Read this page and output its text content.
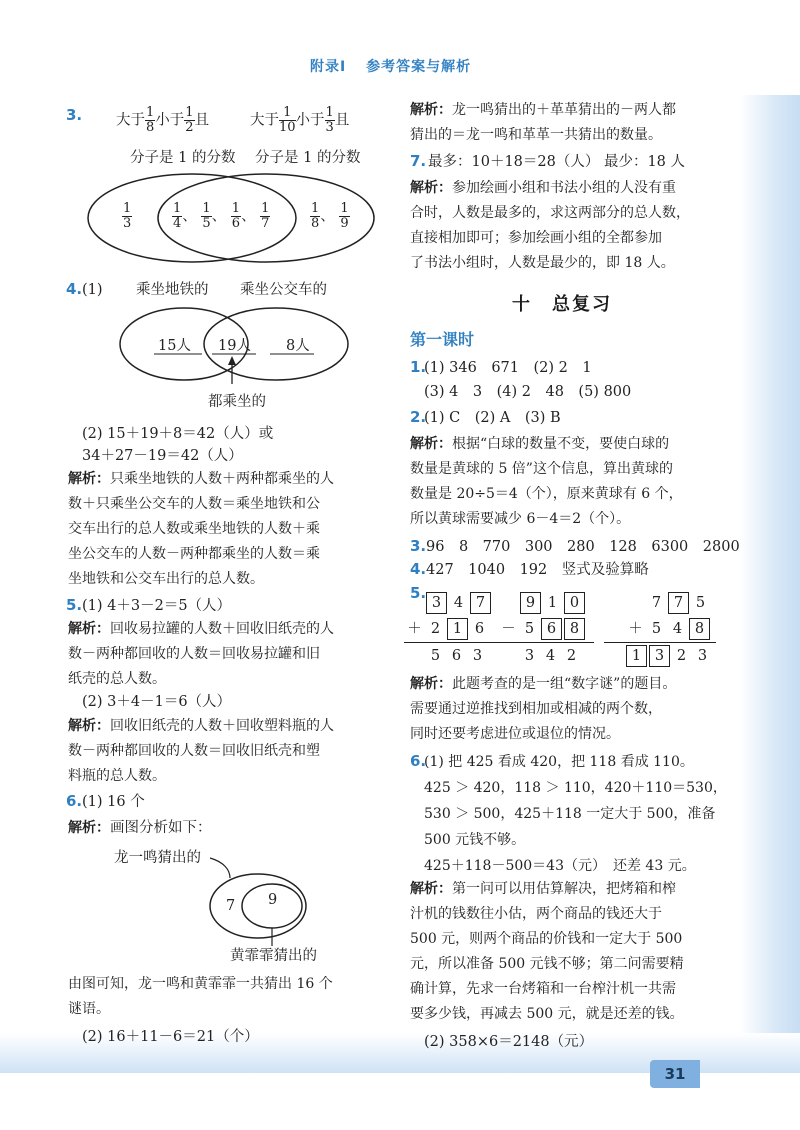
31
附录Ⅰ 参考答案与解析
3. 大于 $\frac{1}{8}$ 小于 $\frac{1}{2}$ 且	大于 $\frac{1}{10}$ 小于 $\frac{1}{3}$ 且
分子是 1 的分数 分子是 1 的分数
$\frac{1}{3}$	$\frac{1}{4}$ 、 $\frac{1}{5}$ 、 $\frac{1}{6}$ 、 $\frac{1}{7}$	$\frac{1}{8}$ 、 $\frac{1}{9}$
4. (1) 乘坐地铁的 乘坐公交车的
15人 19人 8人
都乘坐的
(2) 15＋19＋8＝42（人）或
34＋27－19＝42（人）
解析：只乘坐地铁的人数＋两种都乘坐的人
数＋只乘坐公交车的人数＝乘坐地铁和公
交车出行的总人数或乘坐地铁的人数＋乘
坐公交车的人数－两种都乘坐的人数＝乘
坐地铁和公交车出行的总人数。
5. (1) 4＋3－2＝5（人）
解析：回收易拉罐的人数＋回收旧纸壳的人
数－两种都回收的人数＝回收易拉罐和旧
纸壳的总人数。
(2) 3＋4－1＝6（人）
解析：回收旧纸壳的人数＋回收塑料瓶的人
数－两种都回收的人数＝回收旧纸壳和塑
料瓶的总人数。
6. (1) 16 个
解析：画图分析如下：
龙一鸣猜出的
7 9
黄霏霏猜出的
由图可知，龙一鸣和黄霏霏一共猜出 16 个
谜语。
(2) 16＋11－6＝21（个）
解析：龙一鸣猜出的＋革革猜出的－两人都
猜出的＝龙一鸣和革革一共猜出的数量。
7. 最多：10＋18＝28（人） 最少：18 人
解析：参加绘画小组和书法小组的人没有重
合时，人数是最多的，求这两部分的总人数，
直接相加即可；参加绘画小组的全都参加
了书法小组时，人数是最少的，即 18 人。
十　总复习
第一课时
1.
(1) 346　671　(2) 2　1
(3) 4　3　(4) 2　48　(5) 800
2.
(1) C　(2) A　(3) B
解析：根据“白球的数量不变，要使白球的
数量是黄球的 5 倍”这个信息，算出黄球的
数量是 20÷5＝4（个），原来黄球有 6 个，
所以黄球需要减少 6－4＝2（个）。
3. 96　8　770　300　280　128　6300　2800
4. 427　1040　192　竖式及验算略
5.
3 4 7
＋ 2 1 6
5 6 3
9 1 0
－ 5 6 8
3 4 2
7 7 5
＋ 5 4 8
1 3 2 3
解析：此题考查的是一组“数字谜”的题目。
需要通过逆推找到相加或相减的两个数，
同时还要考虑进位或退位的情况。
6.
(1) 把 425 看成 420，把 118 看成 110。
425 ＞ 420，118 ＞ 110，420＋110＝530，
530 ＞ 500，425＋118 一定大于 500，准备
500 元钱不够。
425＋118－500＝43（元）　还差 43 元。
解析：第一问可以用估算解决，把烤箱和榨
汁机的钱数往小估，两个商品的钱还大于
500 元，则两个商品的价钱和一定大于 500
元，所以准备 500 元钱不够；第二问需要精
确计算，先求一台烤箱和一台榨汁机一共需
要多少钱，再减去 500 元，就是还差的钱。
(2) 358×6＝2148（元）
